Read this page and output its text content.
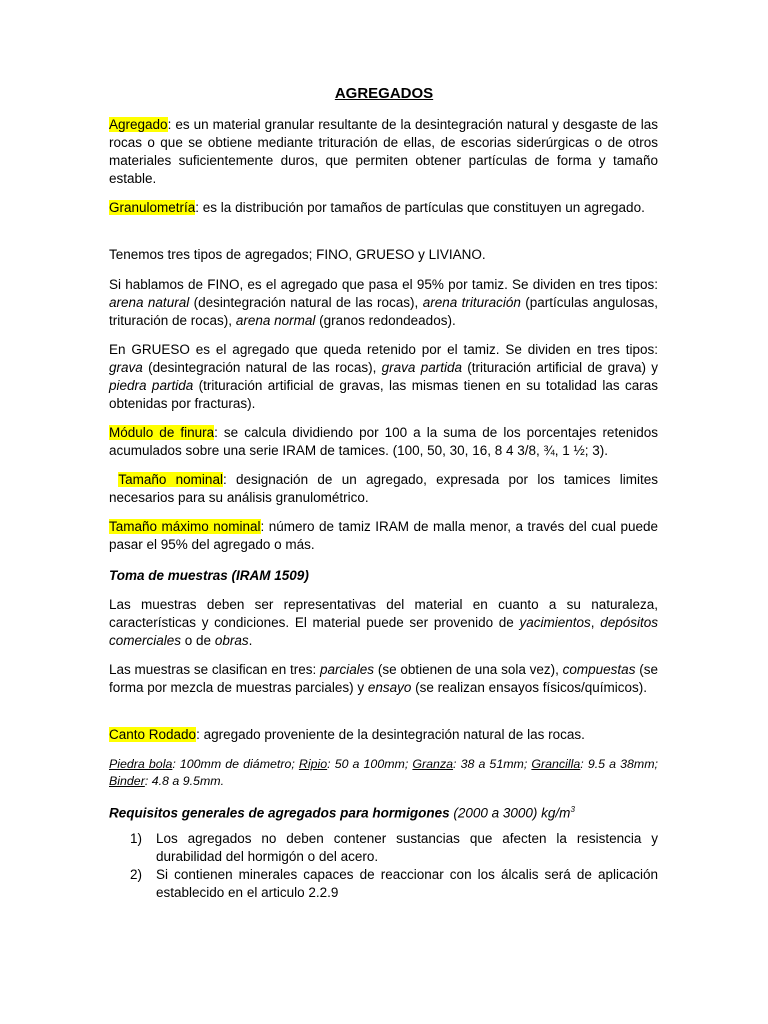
AGREGADOS

Agregado: es un material granular resultante de la desintegración natural y desgaste de las rocas o que se obtiene mediante trituración de ellas, de escorias siderúrgicas o de otros materiales suficientemente duros, que permiten obtener partículas de forma y tamaño estable.

Granulometría: es la distribución por tamaños de partículas que constituyen un agregado.

Tenemos tres tipos de agregados; FINO, GRUESO y LIVIANO.

Si hablamos de FINO, es el agregado que pasa el 95% por tamiz. Se dividen en tres tipos: arena natural (desintegración natural de las rocas), arena trituración (partículas angulosas, trituración de rocas), arena normal (granos redondeados).

En GRUESO es el agregado que queda retenido por el tamiz. Se dividen en tres tipos: grava (desintegración natural de las rocas), grava partida (trituración artificial de grava) y piedra partida (trituración artificial de gravas, las mismas tienen en su totalidad las caras obtenidas por fracturas).

Módulo de finura: se calcula dividiendo por 100 a la suma de los porcentajes retenidos acumulados sobre una serie IRAM de tamices. (100, 50, 30, 16, 8 4 3/8, ¾, 1 ½; 3).

Tamaño nominal: designación de un agregado, expresada por los tamices limites necesarios para su análisis granulométrico.

Tamaño máximo nominal: número de tamiz IRAM de malla menor, a través del cual puede pasar el 95% del agregado o más.

Toma de muestras (IRAM 1509)

Las muestras deben ser representativas del material en cuanto a su naturaleza, características y condiciones. El material puede ser provenido de yacimientos, depósitos comerciales o de obras.

Las muestras se clasifican en tres: parciales (se obtienen de una sola vez), compuestas (se forma por mezcla de muestras parciales) y ensayo (se realizan ensayos físicos/químicos).

Canto Rodado: agregado proveniente de la desintegración natural de las rocas.

Piedra bola: 100mm de diámetro; Ripio: 50 a 100mm; Granza: 38 a 51mm; Grancilla: 9.5 a 38mm; Binder: 4.8 a 9.5mm.

Requisitos generales de agregados para hormigones (2000 a 3000) $kg/m^3$

1) Los agregados no deben contener sustancias que afecten la resistencia y durabilidad del hormigón o del acero.
2) Si contienen minerales capaces de reaccionar con los álcalis será de aplicación establecido en el articulo 2.2.9
